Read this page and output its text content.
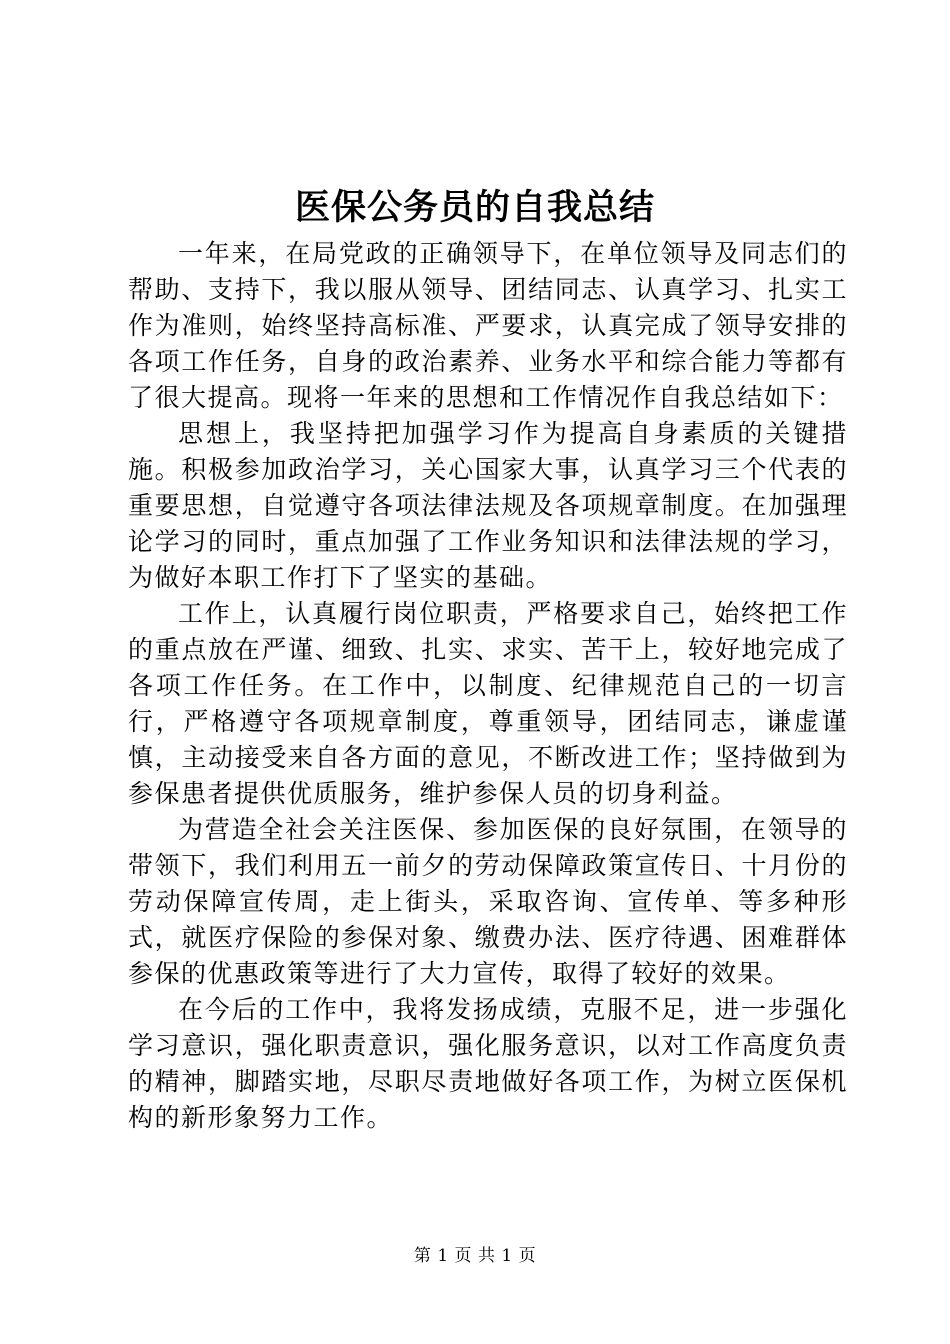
医保公务员的自我总结

一年来，在局党政的正确领导下，在单位领导及同志们的帮助、支持下，我以服从领导、团结同志、认真学习、扎实工作为准则，始终坚持高标准、严要求，认真完成了领导安排的各项工作任务，自身的政治素养、业务水平和综合能力等都有了很大提高。现将一年来的思想和工作情况作自我总结如下：

思想上，我坚持把加强学习作为提高自身素质的关键措施。积极参加政治学习，关心国家大事，认真学习三个代表的重要思想，自觉遵守各项法律法规及各项规章制度。在加强理论学习的同时，重点加强了工作业务知识和法律法规的学习，为做好本职工作打下了坚实的基础。

工作上，认真履行岗位职责，严格要求自己，始终把工作的重点放在严谨、细致、扎实、求实、苦干上，较好地完成了各项工作任务。在工作中，以制度、纪律规范自己的一切言行，严格遵守各项规章制度，尊重领导，团结同志，谦虚谨慎，主动接受来自各方面的意见，不断改进工作；坚持做到为参保患者提供优质服务，维护参保人员的切身利益。

为营造全社会关注医保、参加医保的良好氛围，在领导的带领下，我们利用五一前夕的劳动保障政策宣传日、十月份的劳动保障宣传周，走上街头，采取咨询、宣传单、等多种形式，就医疗保险的参保对象、缴费办法、医疗待遇、困难群体参保的优惠政策等进行了大力宣传，取得了较好的效果。

在今后的工作中，我将发扬成绩，克服不足，进一步强化学习意识，强化职责意识，强化服务意识，以对工作高度负责的精神，脚踏实地，尽职尽责地做好各项工作，为树立医保机构的新形象努力工作。

第 1 页 共 1 页
